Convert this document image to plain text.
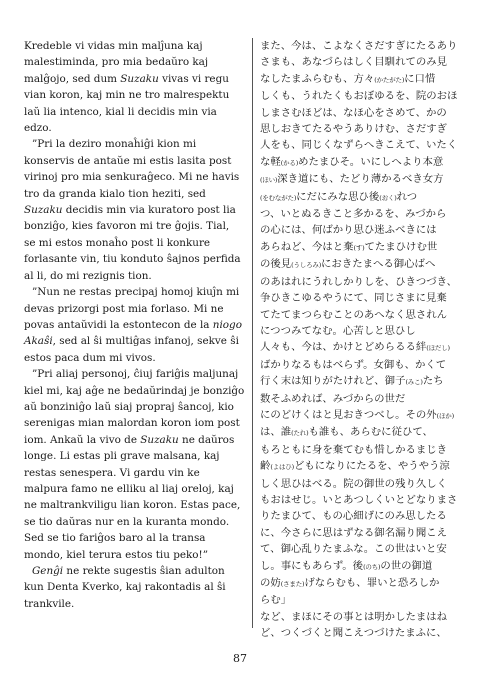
Kredeble vi vidas min malĵuna kaj
malestiminda, pro mia bedaŭro kaj
malĝojo, sed dum Suzaku vivas vi regu
vian koron, kaj min ne tro malrespektu
laŭ lia intenco, kial li decidis min via
edzo.
”Pri la deziro monaĥiĝi kion mi
konservis de antaŭe mi estis lasita post
virinoj pro mia senkuraĝeco. Mi ne havis
tro da granda kialo tion heziti, sed
Suzaku decidis min via kuratoro post lia
bonziĝo, kies favoron mi tre ĝojis. Tial,
se mi estos monaĥo post li konkure
forlasante vin, tiu konduto ŝajnos perfida
al li, do mi rezignis tion.
”Nun ne restas precipaj homoj kiuĵn mi
devas prizorgi post mia forlaso. Mi ne
povas antaŭvidi la estontecon de la niogo
Akaŝi, sed al ŝi multiĝas infanoj, sekve ŝi
estos paca dum mi vivos.
”Pri aliaj personoj, ĉiuj fariĝis maljunaj
kiel mi, kaj aĝe ne bedaŭrindaj je bonziĝo
aŭ bonziniĝo laŭ siaj propraj ŝancoj, kio
serenigas mian malordan koron iom post
iom. Ankaŭ la vivo de Suzaku ne daŭros
longe. Li estas pli grave malsana, kaj
restas senespera. Vi gardu vin ke
malpura famo ne elliku al liaj oreloj, kaj
ne maltrankviligu lian koron. Estas pace,
se tio daŭras nur en la kuranta mondo.
Sed se tio fariĝos baro al la transa
mondo, kiel terura estos tiu peko!”
Genĝi ne rekte sugestis ŝian adulton
kun Denta Kverko, kaj rakontadis al ŝi
trankvile.
また、今は、こよなくさだすぎにたるあり
さまも、あなづらはしく目馴れてのみ見
なしたまふらむも、方々(かたがた)に口惜
しくも、うれたくもおぼゆるを、院のおほ
しまさむほどは、なほ心をさめて、かの
思しおきてたるやうありけむ、さだすぎ
人をも、同じくなずらへきこえて、いたく
な軽(かる)めたまひそ。いにしへより本意
(ほい)深き道にも、たどり薄かるべき女方
(をむながた)にだにみな思ひ後(おく)れつ
つ、いとぬるきこと多かるを、みづから
の心には、何ばかり思ひ迷ふべきには
あらねど、今はと棄(す)てたまひけむ世
の後見(うしろみ)におきたまへる御心ばへ
のあはれにうれしかりしを、ひきつづき、
争ひきこゆるやうにて、同じさまに見棄
てたてまつらむことのあへなく思されん
につつみてなむ。心苦しと思ひし
人々も、今は、かけとどめらるる絆(ほだし)
ばかりなるもはべらず。女御も、かくて
行く末は知りがたけれど、御子(みこ)たち
数そふめれば、みづからの世だ
にのどけくはと見おきつべし。その外(ほか)
は、誰(たれ)も誰も、あらむに従ひて、
もろともに身を棄てむも惜しかるまじき
齢(よはひ)どもになりにたるを、やうやう涼
しく思ひはべる。院の御世の残り久しく
もおはせじ。いとあつしくいとどなりまさ
りたまひて、もの心細げにのみ思したる
に、今さらに思はずなる御名漏り聞こえ
て、御心乱りたまふな。この世はいと安
し。事にもあらず。後(のち)の世の御道
の妨(さまた)げならむも、罪いと恐ろしか
らむ」
など、まほにその事とは明かしたまはね
ど、つくづくと聞こえつづけたまふに、
87
